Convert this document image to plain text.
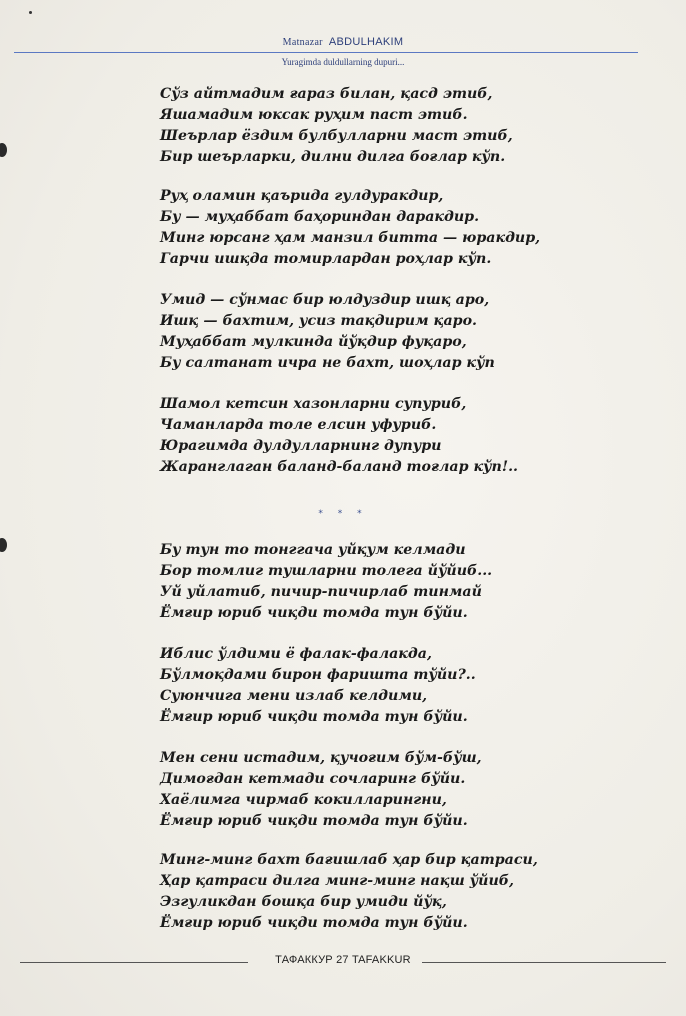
Matnazar ABDULHAKIM
Yuragimda duldullarning dupuri...
Сўз айтмадим ғараз билан, қасд этиб,
Яшамадим юксак руҳим паст этиб.
Шеърлар ёздим булбулларни маст этиб,
Бир шеърларки, дилни дилга боғлар кўп.
Руҳ оламин қаърида гулдуракдир,
Бу — муҳаббат баҳориндан даракдир.
Минг юрсанг ҳам манзил битта — юракдир,
Гарчи ишқда томирлардан роҳлар кўп.
Умид — сўнмас бир юлдуздир ишқ аро,
Ишқ — бахтим, усиз тақдирим қаро.
Муҳаббат мулкинда йўқдир фуқаро,
Бу салтанат ичра не бахт, шоҳлар кўп
Шамол кетсин хазонларни супуриб,
Чаманларда толе елсин уфуриб.
Юрагимда дулдулларнинг дупури
Жаранглаган баланд-баланд тоғлар кўп!..
* * *
Бу тун то тонггача уйқум келмади
Бор томлиг тушларни толега йўйиб...
Уй уйлатиб, пичир-пичирлаб тинмай
Ёмғир юриб чиқди томда тун бўйи.
Иблис ўлдими ё фалак-фалакда,
Бўлмоқдами бирон фаришта тўйи?..
Суюнчига мени излаб келдими,
Ёмғир юриб чиқди томда тун бўйи.
Мен сени истадим, қучоғим бўм-бўш,
Димоғдан кетмади сочларинг бўйи.
Хаёлимга чирмаб кокилларингни,
Ёмғир юриб чиқди томда тун бўйи.
Минг-минг бахт бағишлаб ҳар бир қатраси,
Ҳар қатраси дилга минг-минг нақш ўйиб,
Эзгуликдан бошқа бир умиди йўқ,
Ёмғир юриб чиқди томда тун бўйи.
ТАФАККУР 27 TAFAKKUR
